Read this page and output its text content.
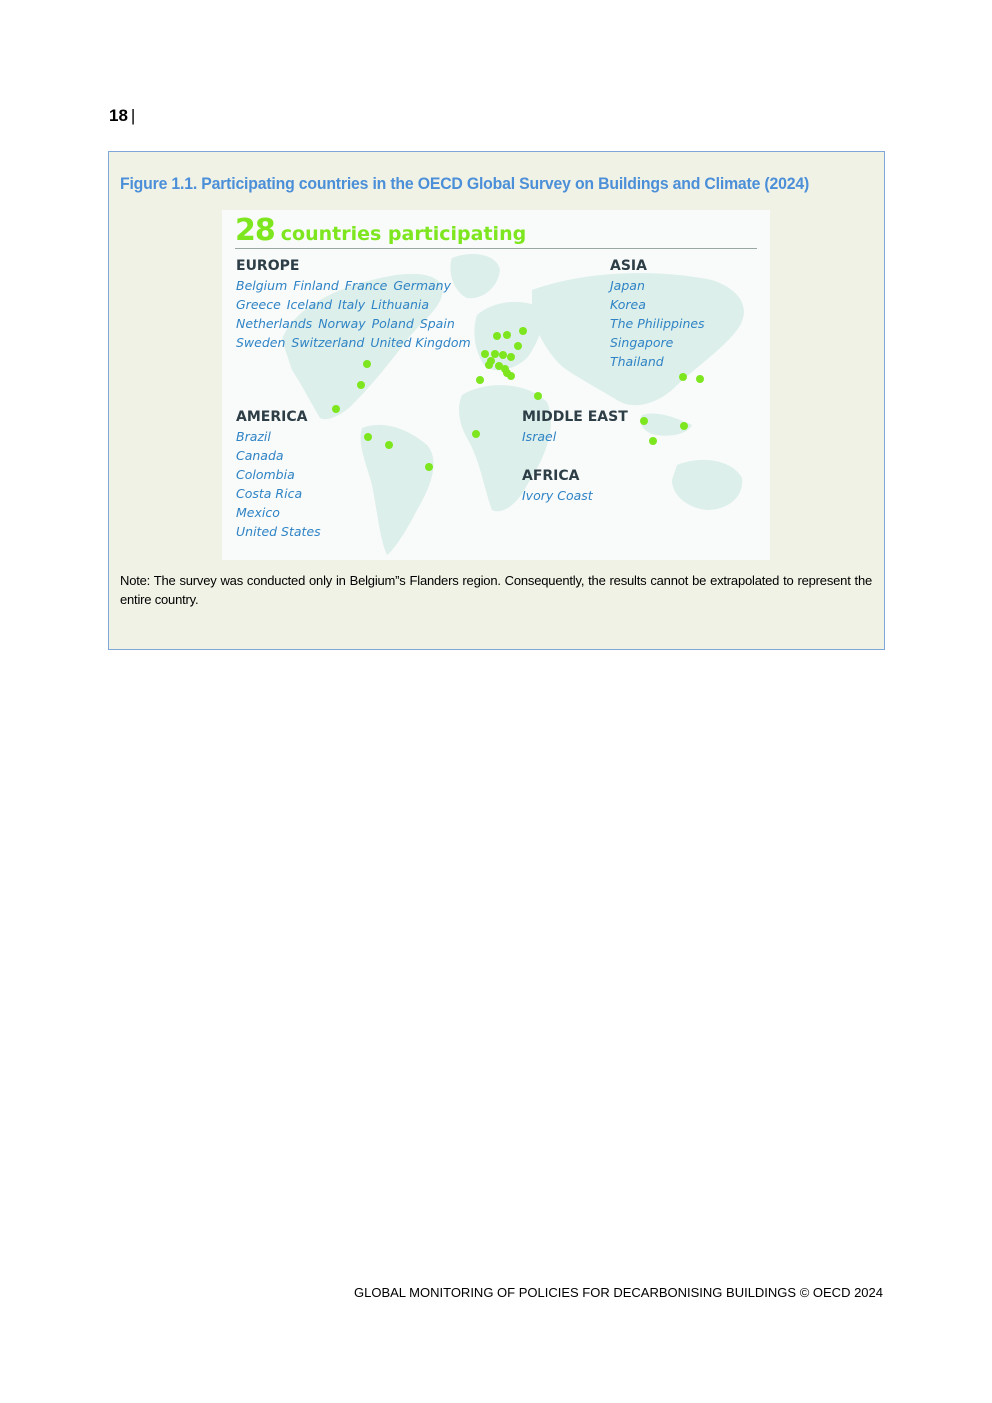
18 |
Figure 1.1. Participating countries in the OECD Global Survey on Buildings and Climate (2024)
28 countries participating
EUROPE
Belgium Finland France Germany
Greece Iceland Italy Lithuania
Netherlands Norway Poland Spain
Sweden Switzerland United Kingdom
ASIA
Japan
Korea
The Philippines
Singapore
Thailand
AMERICA
Brazil
Canada
Colombia
Costa Rica
Mexico
United States
MIDDLE EAST
Israel
AFRICA
Ivory Coast
Note: The survey was conducted only in Belgium”s Flanders region. Consequently, the results cannot be extrapolated to represent the entire country.
GLOBAL MONITORING OF POLICIES FOR DECARBONISING BUILDINGS © OECD 2024
